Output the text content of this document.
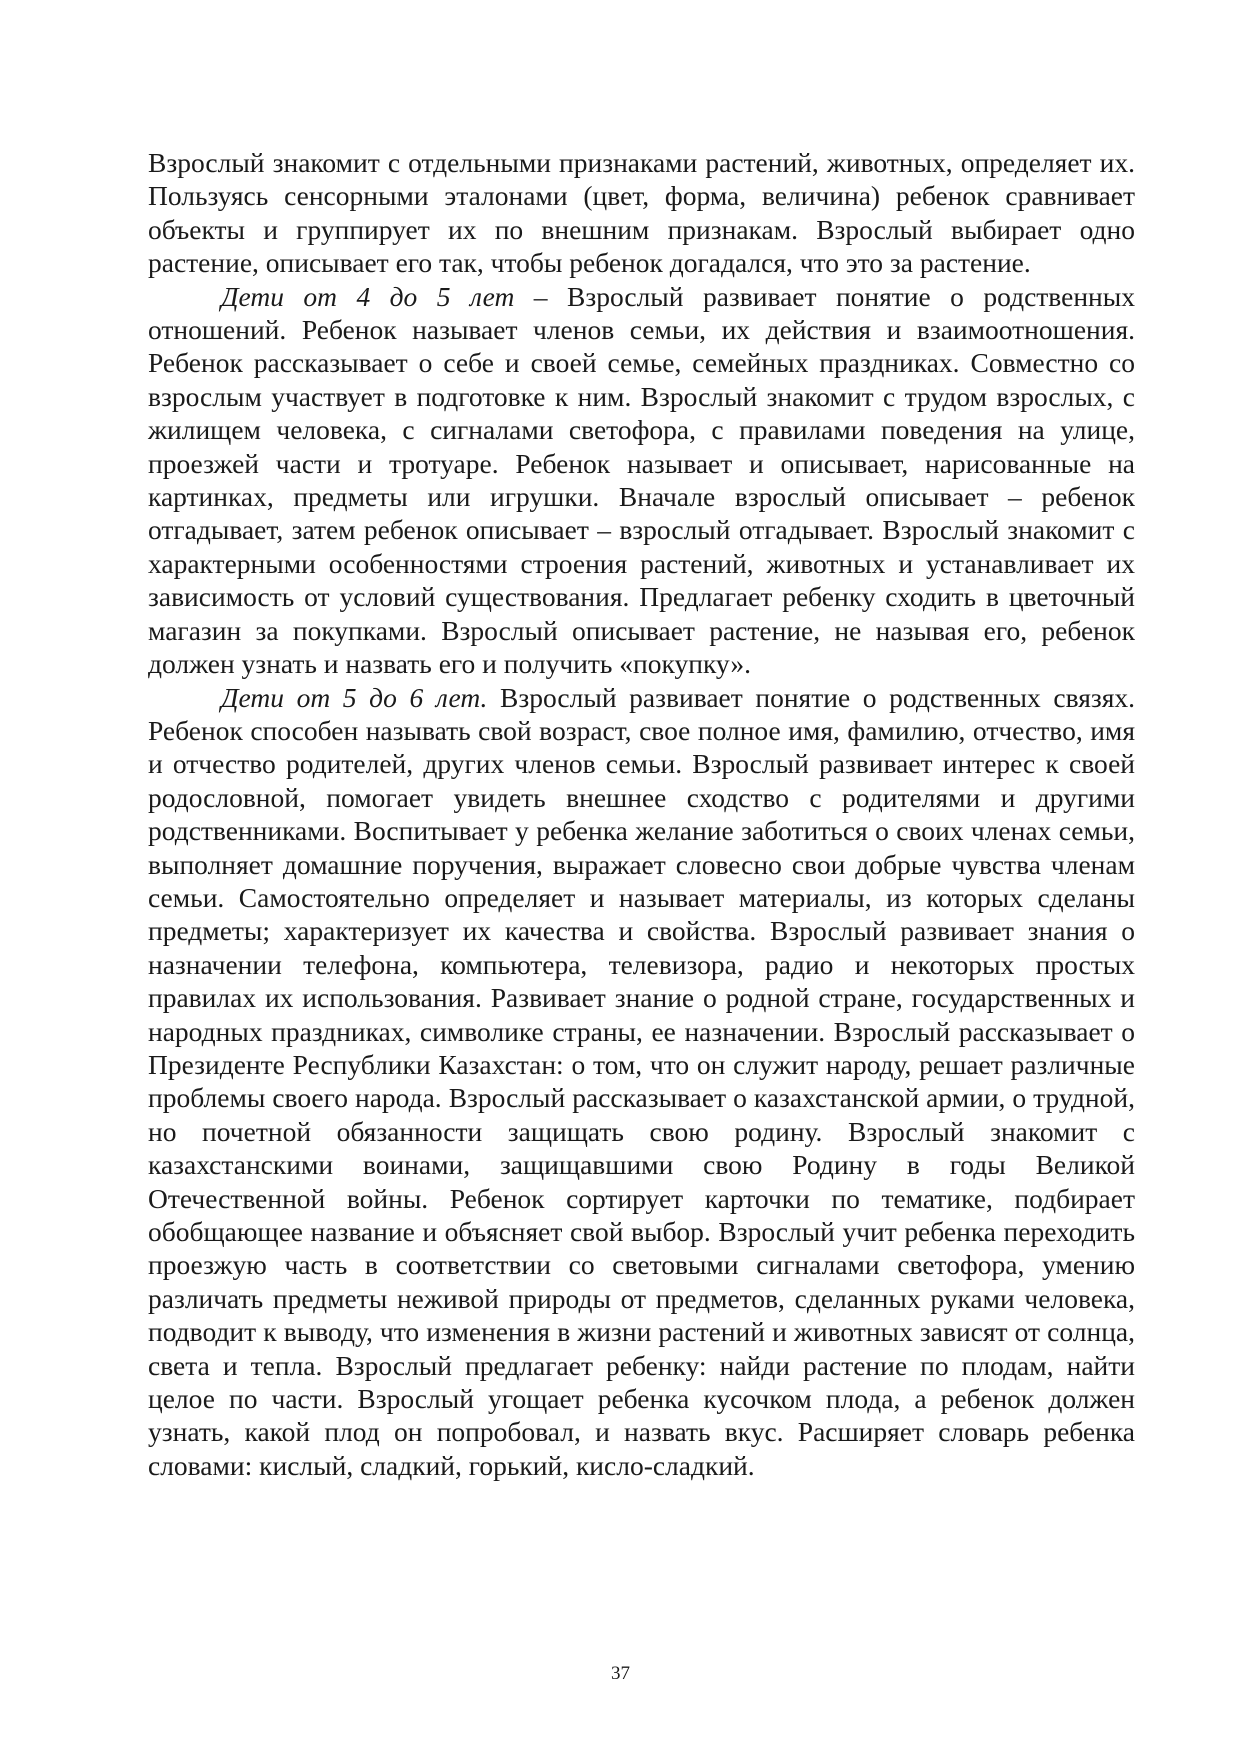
Взрослый знакомит с отдельными признаками растений, животных, определяет их. Пользуясь сенсорными эталонами (цвет, форма, величина) ребенок сравнивает объекты и группирует их по внешним признакам. Взрослый выбирает одно растение, описывает его так, чтобы ребенок догадался, что это за растение.

Дети от 4 до 5 лет – Взрослый развивает понятие о родственных отношений. Ребенок называет членов семьи, их действия и взаимоотношения. Ребенок рассказывает о себе и своей семье, семейных праздниках. Совместно со взрослым участвует в подготовке к ним. Взрослый знакомит с трудом взрослых, с жилищем человека, с сигналами светофора, с правилами поведения на улице, проезжей части и тротуаре. Ребенок называет и описывает, нарисованные на картинках, предметы или игрушки. Вначале взрослый описывает – ребенок отгадывает, затем ребенок описывает – взрослый отгадывает. Взрослый знакомит с характерными особенностями строения растений, животных и устанавливает их зависимость от условий существования. Предлагает ребенку сходить в цветочный магазин за покупками. Взрослый описывает растение, не называя его, ребенок должен узнать и назвать его и получить «покупку».

Дети от 5 до 6 лет. Взрослый развивает понятие о родственных связях. Ребенок способен называть свой возраст, свое полное имя, фамилию, отчество, имя и отчество родителей, других членов семьи. Взрослый развивает интерес к своей родословной, помогает увидеть внешнее сходство с родителями и другими родственниками. Воспитывает у ребенка желание заботиться о своих членах семьи, выполняет домашние поручения, выражает словесно свои добрые чувства членам семьи. Самостоятельно определяет и называет материалы, из которых сделаны предметы; характеризует их качества и свойства. Взрослый развивает знания о назначении телефона, компьютера, телевизора, радио и некоторых простых правилах их использования. Развивает знание о родной стране, государственных и народных праздниках, символике страны, ее назначении. Взрослый рассказывает о Президенте Республики Казахстан: о том, что он служит народу, решает различные проблемы своего народа. Взрослый рассказывает о казахстанской армии, о трудной, но почетной обязанности защищать свою родину. Взрослый знакомит с казахстанскими воинами, защищавшими свою Родину в годы Великой Отечественной войны. Ребенок сортирует карточки по тематике, подбирает обобщающее название и объясняет свой выбор. Взрослый учит ребенка переходить проезжую часть в соответствии со световыми сигналами светофора, умению различать предметы неживой природы от предметов, сделанных руками человека, подводит к выводу, что изменения в жизни растений и животных зависят от солнца, света и тепла. Взрослый предлагает ребенку: найди растение по плодам, найти целое по части. Взрослый угощает ребенка кусочком плода, а ребенок должен узнать, какой плод он попробовал, и назвать вкус. Расширяет словарь ребенка словами: кислый, сладкий, горький, кисло-сладкий.

37
